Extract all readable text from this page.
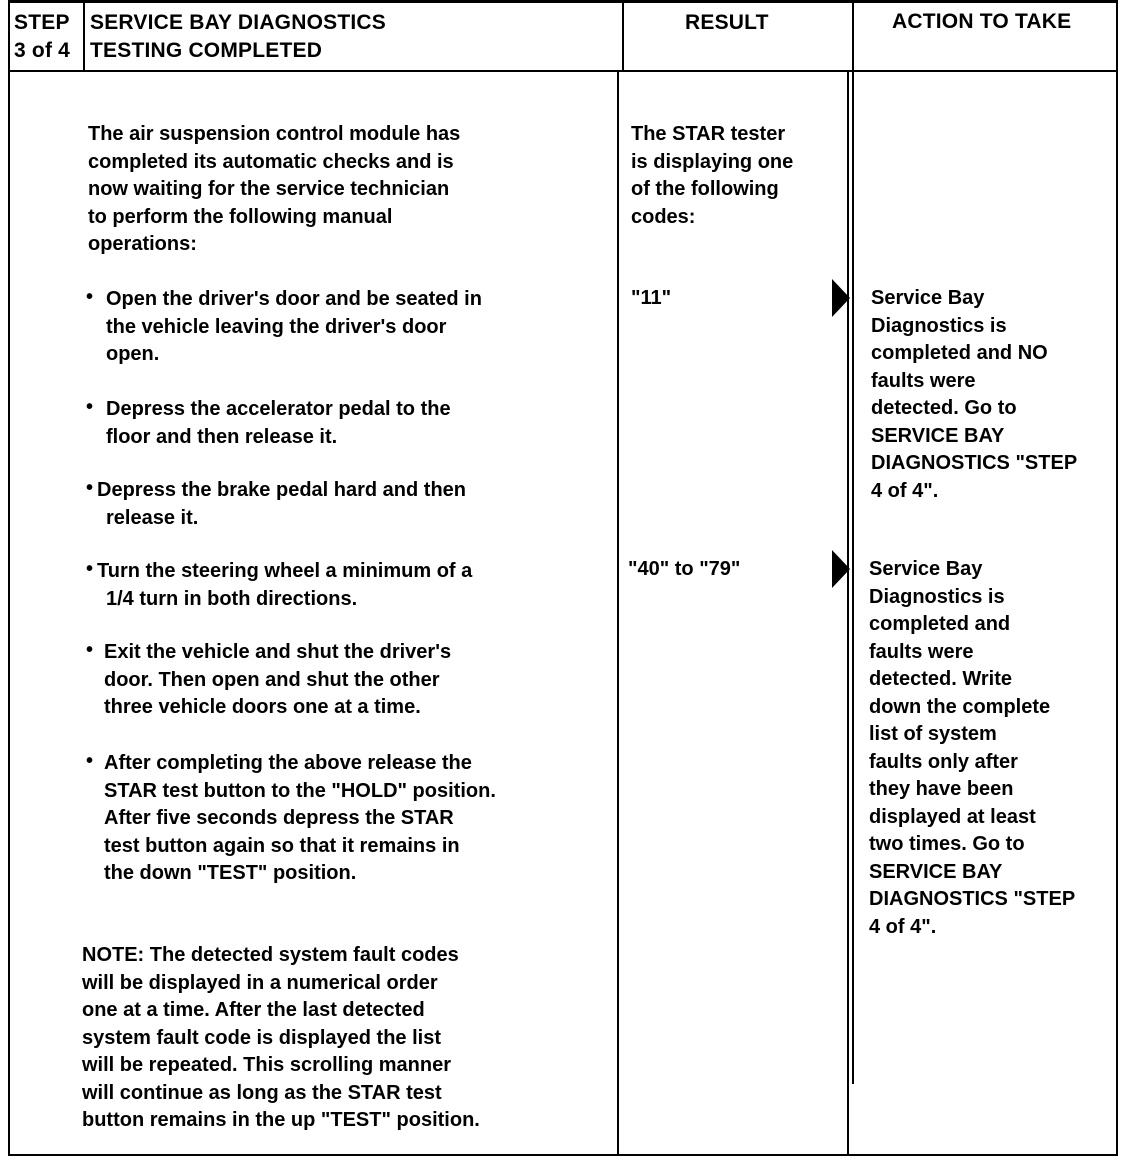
STEP
3 of 4
SERVICE BAY DIAGNOSTICS
TESTING COMPLETED
RESULT	ACTION TO TAKE
The air suspension control module has
completed its automatic checks and is
now waiting for the service technician
to perform the following manual
operations:
• Open the driver's door and be seated in
the vehicle leaving the driver's door
open.
• Depress the accelerator pedal to the
floor and then release it.
• Depress the brake pedal hard and then
release it.
• Turn the steering wheel a minimum of a
1/4 turn in both directions.
• Exit the vehicle and shut the driver's
door. Then open and shut the other
three vehicle doors one at a time.
• After completing the above release the
STAR test button to the "HOLD" position.
After five seconds depress the STAR
test button again so that it remains in
the down "TEST" position.
NOTE: The detected system fault codes
will be displayed in a numerical order
one at a time. After the last detected
system fault code is displayed the list
will be repeated. This scrolling manner
will continue as long as the STAR test
button remains in the up "TEST" position.
The STAR tester
is displaying one
of the following
codes:
"11"
"40" to "79"
Service Bay
Diagnostics is
completed and NO
faults were
detected. Go to
SERVICE BAY
DIAGNOSTICS "STEP
4 of 4".
Service Bay
Diagnostics is
completed and
faults were
detected. Write
down the complete
list of system
faults only after
they have been
displayed at least
two times. Go to
SERVICE BAY
DIAGNOSTICS "STEP
4 of 4".
